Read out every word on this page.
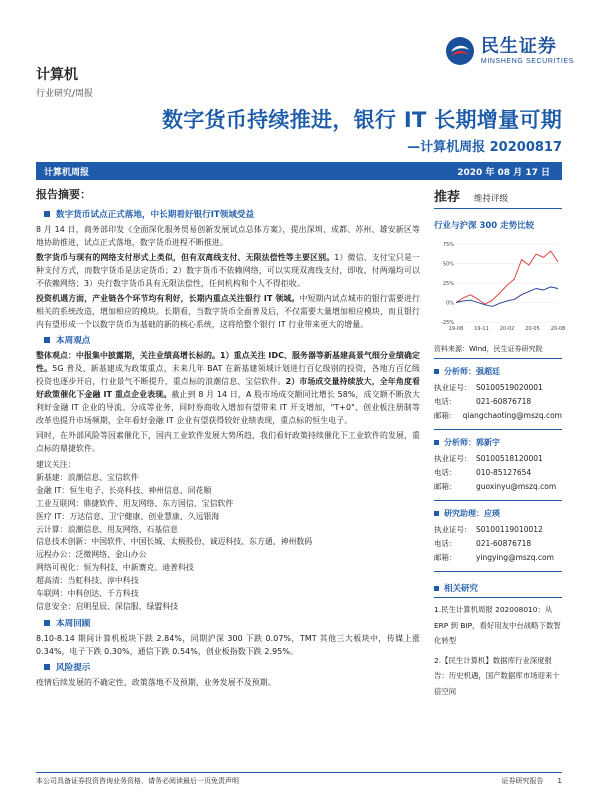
民生证券
MINSHENG SECURITIES
计算机
行业研究/周报
数字货币持续推进，银行 IT 长期增量可期
—计算机周报 20200817
计算机周报	2020 年 08 月 17 日
报告摘要：
数字货币试点正式落地，中长期看好银行IT领域受益

8 月 14 日，商务部印发《全面深化服务贸易创新发展试点总体方案》，提出深圳、成都、苏州、雄安新区等地协助推进，试点正式落地，数字货币进程不断推进。

数字货币与现有的网络支付形式上类似，但有双离线支付、无限法偿性等主要区别。1）微信、支付宝只是一种支付方式，而数字货币是法定货币；2）数字货币不依赖网络，可以实现双离线支付，即收、付两端均可以不依赖网络；3）央行数字货币具有无限法偿性，任何机构和个人不得拒收。

投资机遇方面，产业链各个环节均有利好，长期内重点关注银行 IT 领域。中短期内试点城市的银行需要进行相关的系统改造，增加相应的模块。长期看，当数字货币全面普及后，不仅需要大量增加相应模块，而且银行内有望形成一个以数字货币为基础的新的核心系统，这将给整个银行 IT 行业带来更大的增量。

本周观点

整体观点：中报集中披露期，关注业绩高增长标的。1）重点关注 IDC、服务器等新基建高景气细分业绩确定性。5G 普及、新基建成为政策重点，未来几年 BAT 在新基建领域计划进行百亿级别的投资，各地方百亿级投资也逐步开启，行业景气不断提升，重点标的浪潮信息、宝信软件。2）市场成交量持续放大，全年角度看好政策催化下金融 IT 重点企业表现。截止到 8 月 14 日，A 股市场成交额同比增长 58%，成交额不断放大利好金融 IT 企业的导流、分成等业务，同时券商收入增加有望带来 IT 开支增加，"T+0"、创业板注册制等改革也提升市场频期，全年看好金融 IT 企业有望获得较好业绩表现，重点标的恒生电子。

同时，在外部风险等因素催化下，国内工业软件发展大势所趋，我们看好政策持续催化下工业软件的发展，重点标的鼎捷软件。

建议关注：
新基建：浪潮信息、宝信软件
金融 IT：恒生电子、长亮科技、神州信息、同花顺
工业互联网：鼎捷软件、用友网络、东方国信、宝信软件
医疗 IT：万达信息、卫宁健康、创业慧康、久远银海
云计算：浪潮信息、用友网络、石基信息
信息技术创新：中国软件、中国长城、太极股份、诚迈科技、东方通、神州数码
远程办公：泛微网络、金山办公
网络可视化：恒为科技、中新赛克、迪普科技
超高清：当虹科技、淳中科技
车联网：中科创达、千方科技
信息安全：启明星辰、深信服、绿盟科技
本周回顾

8.10-8.14 期间计算机板块下跌 2.84%，同期沪深 300 下跌 0.07%，TMT 其他三大板块中，传媒上涨 0.34%，电子下跌 0.30%，通信下跌 0.54%，创业板指数下跌 2.95%。

风险提示

疫情后续发展的不确定性，政策落地不及预期，业务发展不及预期。

推荐 维持评级
行业与沪深 300 走势比较
75%
50%
25%
0%
-25%
19-08 19-11 20-02 20-05 20-08
资料来源：Wind，民生证券研究院
分析师：强超廷
执业证号： S0100519020001
电话：	021-60876718
邮箱： qiangchaoting@mszq.com
分析师：郭新宇
执业证号： S0100518120001
电话：	010-85127654
邮箱：	guoxinyu@mszq.com
研究助理：应瑛
执业证号： S0100119010012
电话：	021-60876718
邮箱：	yingying@mszq.com
相关研究
1.民生计算机周报 202008010：从 ERP 到 BIP，看好用友中台战略下数智化转型
2.【民生计算机】数据库行业深度报告：历史机遇，国产数据库市场迎来十倍空间
本公司具备证券投资咨询业务资格，请务必阅读最后一页免责声明	证券研究报告 1
